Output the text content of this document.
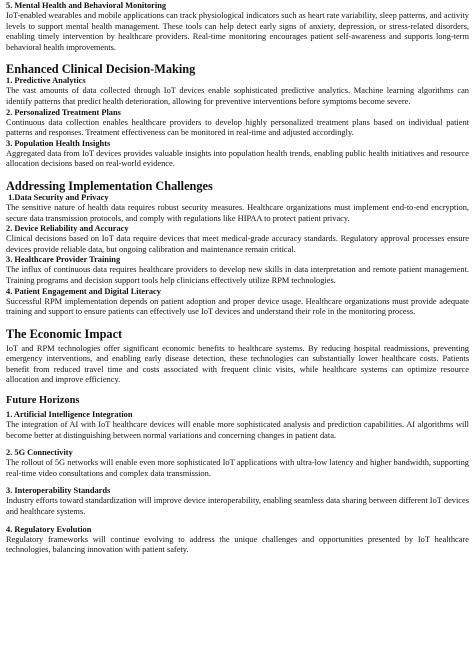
5. Mental Health and Behavioral Monitoring

IoT-enabled wearables and mobile applications can track physiological indicators such as heart rate variability, sleep patterns, and activity levels to support mental health management. These tools can help detect early signs of anxiety, depression, or stress-related disorders, enabling timely intervention by healthcare providers. Real-time monitoring encourages patient self-awareness and supports long-term behavioral health improvements.

Enhanced Clinical Decision-Making
1. Predictive Analytics

The vast amounts of data collected through IoT devices enable sophisticated predictive analytics. Machine learning algorithms can identify patterns that predict health deterioration, allowing for preventive interventions before symptoms become severe.

2. Personalized Treatment Plans

Continuous data collection enables healthcare providers to develop highly personalized treatment plans based on individual patient patterns and responses. Treatment effectiveness can be monitored in real-time and adjusted accordingly.

3. Population Health Insights

Aggregated data from IoT devices provides valuable insights into population health trends, enabling public health initiatives and resource allocation decisions based on real-world evidence.

Addressing Implementation Challenges
1.Data Security and Privacy

The sensitive nature of health data requires robust security measures. Healthcare organizations must implement end-to-end encryption, secure data transmission protocols, and comply with regulations like HIPAA to protect patient privacy.

2. Device Reliability and Accuracy

Clinical decisions based on IoT data require devices that meet medical-grade accuracy standards. Regulatory approval processes ensure devices provide reliable data, but ongoing calibration and maintenance remain critical.

3. Healthcare Provider Training

The influx of continuous data requires healthcare providers to develop new skills in data interpretation and remote patient management. Training programs and decision support tools help clinicians effectively utilize RPM technologies.

4. Patient Engagement and Digital Literacy

Successful RPM implementation depends on patient adoption and proper device usage. Healthcare organizations must provide adequate training and support to ensure patients can effectively use IoT devices and understand their role in the monitoring process.

The Economic Impact

IoT and RPM technologies offer significant economic benefits to healthcare systems. By reducing hospital readmissions, preventing emergency interventions, and enabling early disease detection, these technologies can substantially lower healthcare costs. Patients benefit from reduced travel time and costs associated with frequent clinic visits, while healthcare systems can optimize resource allocation and improve efficiency.

Future Horizons
1. Artificial Intelligence Integration

The integration of AI with IoT healthcare devices will enable more sophisticated analysis and prediction capabilities. AI algorithms will become better at distinguishing between normal variations and concerning changes in patient data.

2. 5G Connectivity

The rollout of 5G networks will enable even more sophisticated IoT applications with ultra-low latency and higher bandwidth, supporting real-time video consultations and complex data transmission.

3. Interoperability Standards

Industry efforts toward standardization will improve device interoperability, enabling seamless data sharing between different IoT devices and healthcare systems.

4. Regulatory Evolution

Regulatory frameworks will continue evolving to address the unique challenges and opportunities presented by IoT healthcare technologies, balancing innovation with patient safety.
